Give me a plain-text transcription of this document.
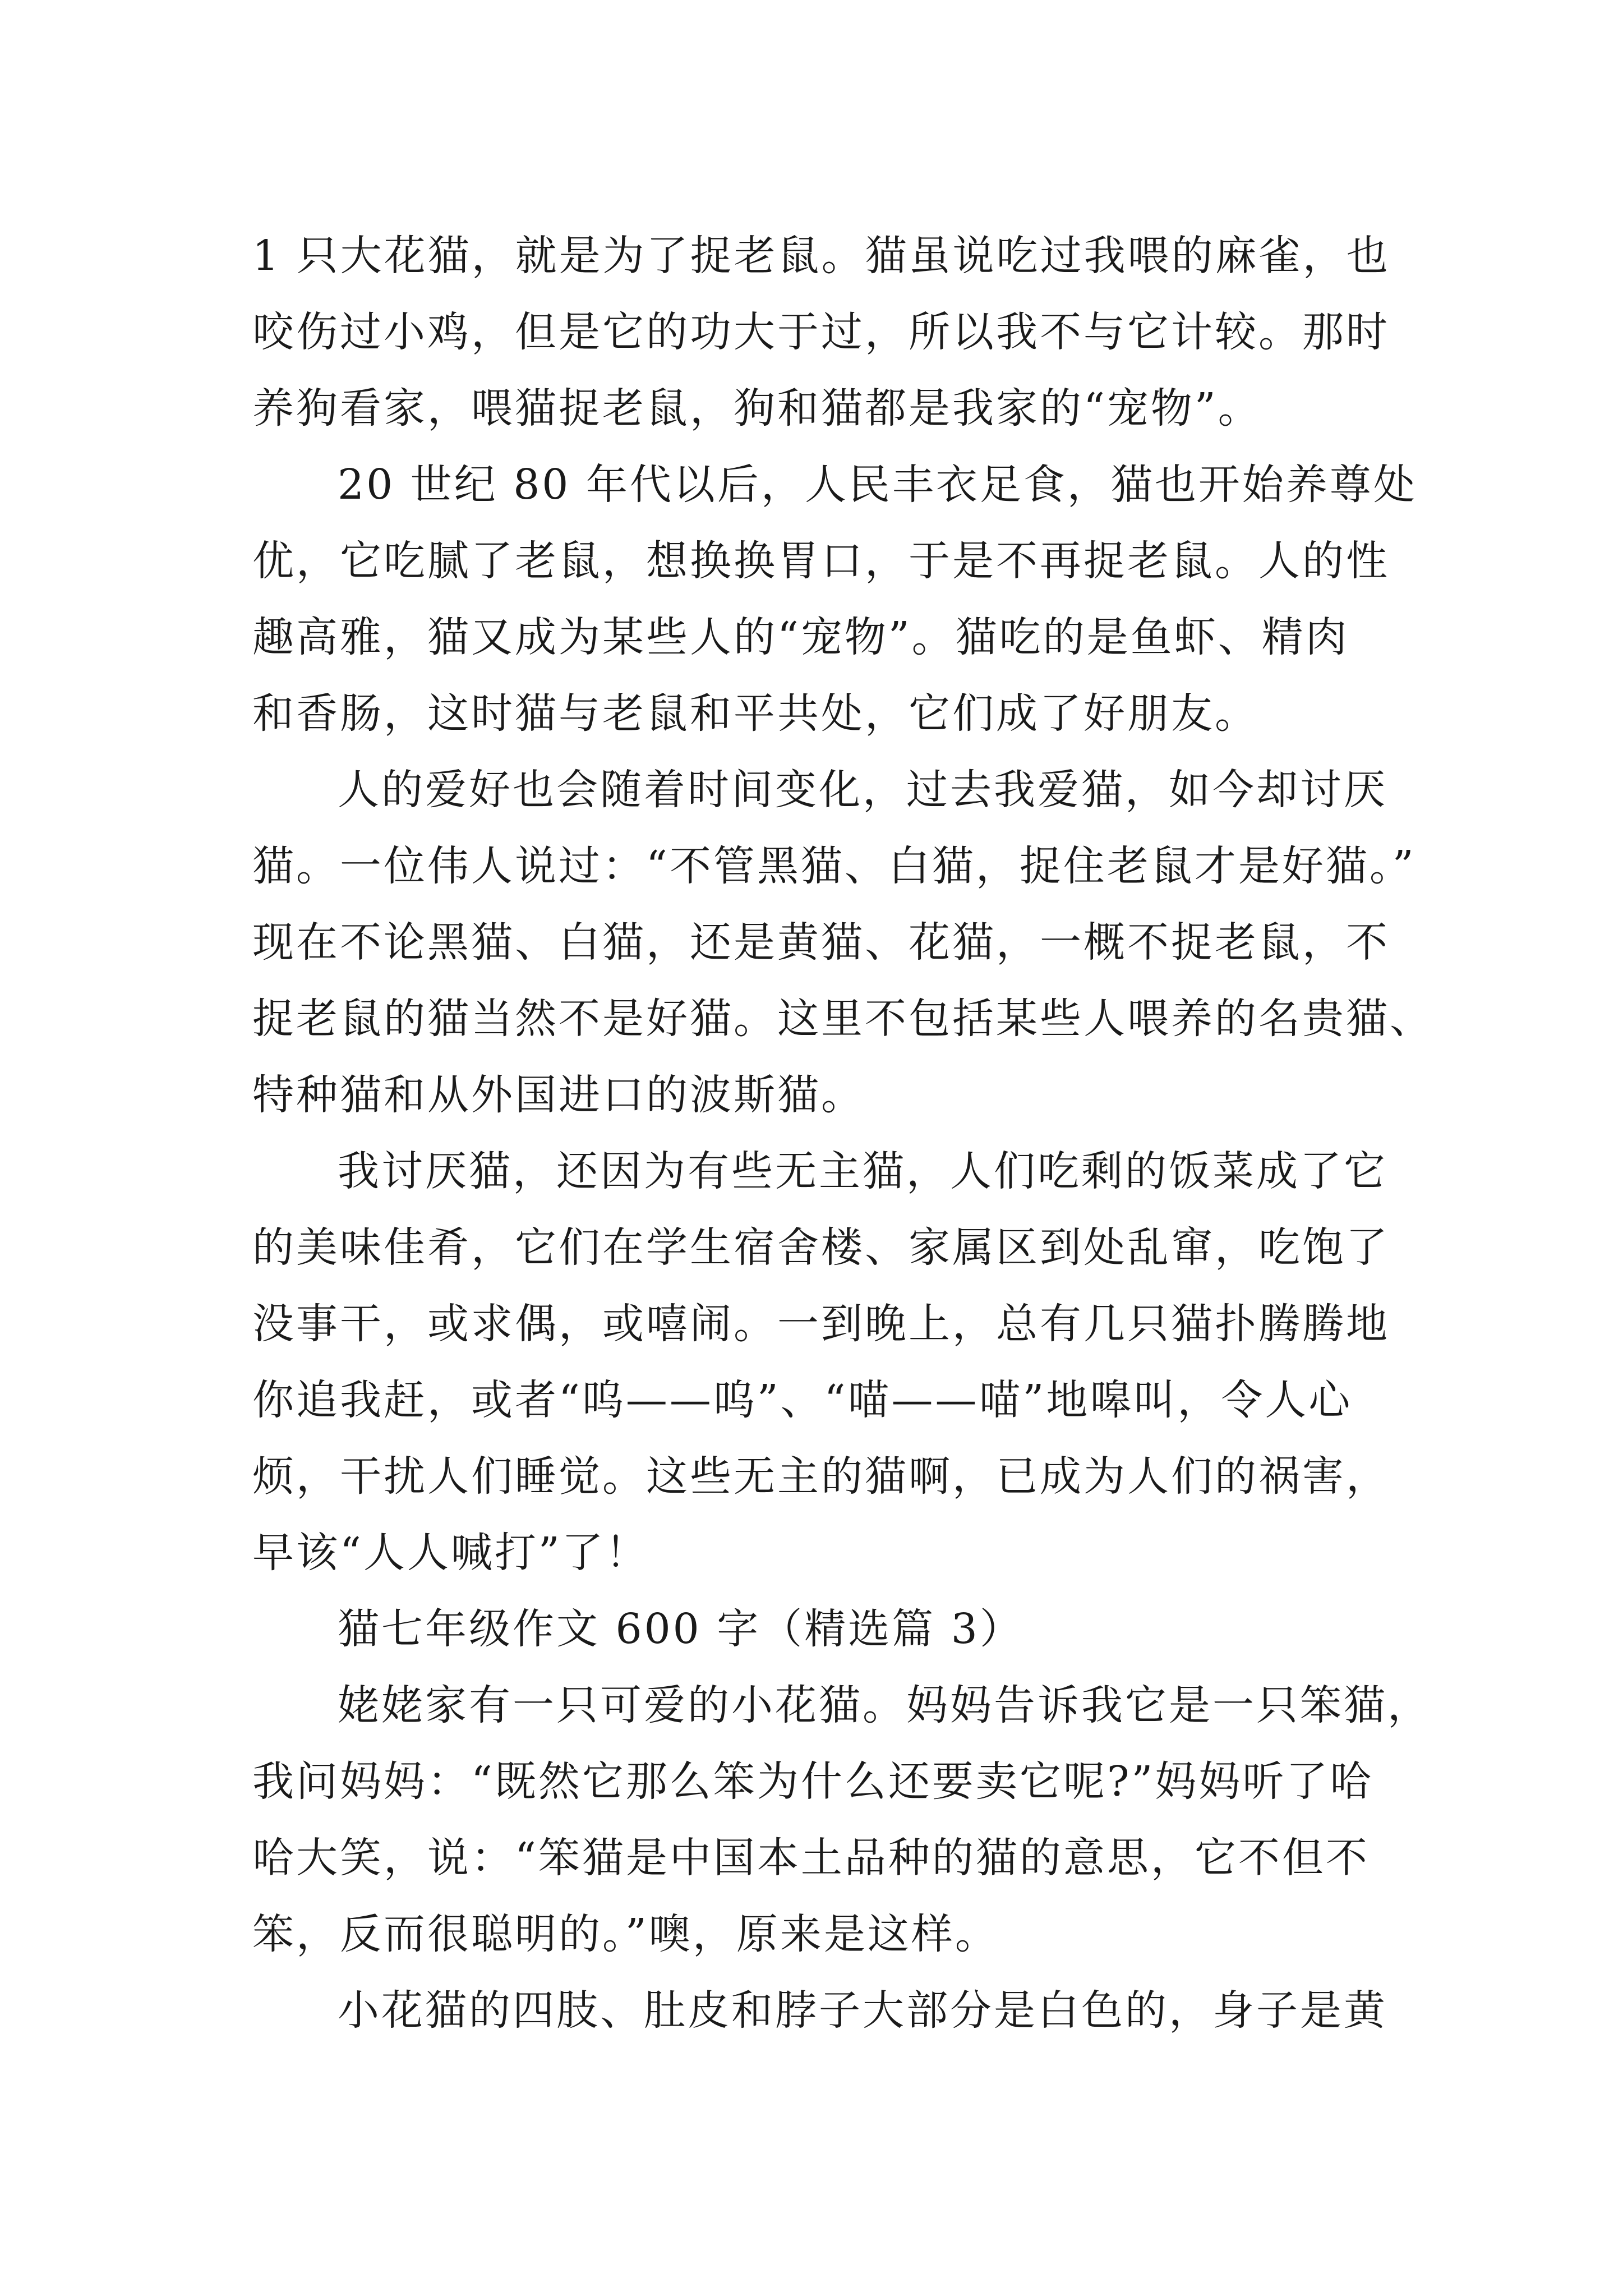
1 只大花猫，就是为了捉老鼠。猫虽说吃过我喂的麻雀，也
咬伤过小鸡，但是它的功大于过，所以我不与它计较。那时
养狗看家，喂猫捉老鼠，狗和猫都是我家的“宠物”。
20 世纪 80 年代以后，人民丰衣足食，猫也开始养尊处
优，它吃腻了老鼠，想换换胃口，于是不再捉老鼠。人的性
趣高雅，猫又成为某些人的“宠物”。猫吃的是鱼虾、精肉
和香肠，这时猫与老鼠和平共处，它们成了好朋友。
人的爱好也会随着时间变化，过去我爱猫，如今却讨厌
猫。一位伟人说过：“不管黑猫、白猫，捉住老鼠才是好猫。”
现在不论黑猫、白猫，还是黄猫、花猫，一概不捉老鼠，不
捉老鼠的猫当然不是好猫。这里不包括某些人喂养的名贵猫、
特种猫和从外国进口的波斯猫。
我讨厌猫，还因为有些无主猫，人们吃剩的饭菜成了它
的美味佳肴，它们在学生宿舍楼、家属区到处乱窜，吃饱了
没事干，或求偶，或嘻闹。一到晚上，总有几只猫扑腾腾地
你追我赶，或者“呜——呜”、“喵——喵”地嗥叫，令人心
烦，干扰人们睡觉。这些无主的猫啊，已成为人们的祸害，
早该“人人喊打”了！
猫七年级作文 600 字（精选篇 3）
姥姥家有一只可爱的小花猫。妈妈告诉我它是一只笨猫，
我问妈妈：“既然它那么笨为什么还要卖它呢?”妈妈听了哈
哈大笑，说：“笨猫是中国本土品种的猫的意思，它不但不
笨，反而很聪明的。”噢，原来是这样。
小花猫的四肢、肚皮和脖子大部分是白色的，身子是黄
